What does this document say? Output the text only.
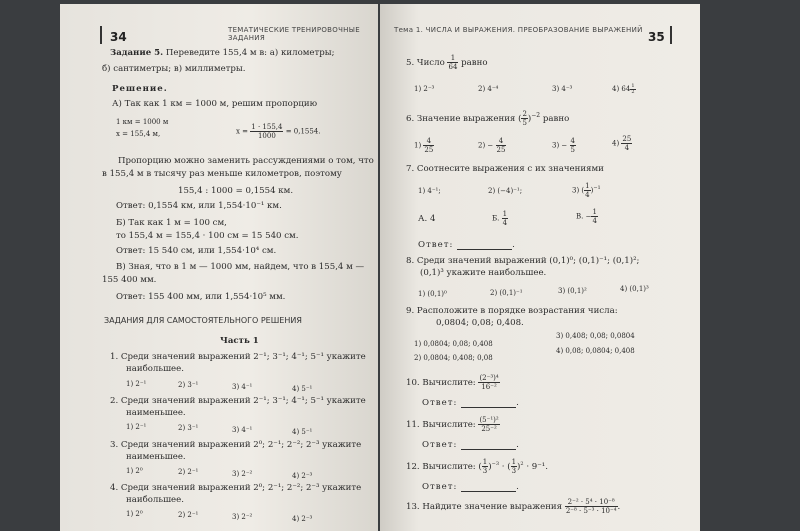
34	ТЕМАТИЧЕСКИЕ ТРЕНИРОВОЧНЫЕ ЗАДАНИЯ
Задание 5. Переведите 155,4 м в: а) километры;
б) сантиметры; в) миллиметры.
Решение.
А) Так как 1 км = 1000 м, решим пропорцию
1 км = 1000 м
x = 155,4 м,	$x = \frac{1 \cdot 155,4}{1000} = 0,1554$.
Пропорцию можно заменить рассуждениями о том, что
в 155,4 м в тысячу раз меньше километров, поэтому
155,4 : 1000 = 0,1554 км.
Ответ: 0,1554 км, или 1,554·10⁻¹ км.
Б) Так как 1 м = 100 см,
то 155,4 м = 155,4 · 100 см = 15 540 см.
Ответ: 15 540 см, или 1,554·10⁴ см.
В) Зная, что в 1 м — 1000 мм, найдем, что в 155,4 м —
155 400 мм.
Ответ: 155 400 мм, или 1,554·10⁵ мм.
ЗАДАНИЯ ДЛЯ САМОСТОЯТЕЛЬНОГО РЕШЕНИЯ
Часть 1
1. Среди значений выражений 2⁻¹; 3⁻¹; 4⁻¹; 5⁻¹ укажите
наибольшее.
1) 2⁻¹	2) 3⁻¹	3) 4⁻¹	4) 5⁻¹
2. Среди значений выражений 2⁻¹; 3⁻¹; 4⁻¹; 5⁻¹ укажите
наименьшее.
1) 2⁻¹	2) 3⁻¹	3) 4⁻¹	4) 5⁻¹
3. Среди значений выражений 2⁰; 2⁻¹; 2⁻²; 2⁻³ укажите
наименьшее.
1) 2⁰	2) 2⁻¹	3) 2⁻²	4) 2⁻³
4. Среди значений выражений 2⁰; 2⁻¹; 2⁻²; 2⁻³ укажите
наибольшее.
1) 2⁰	2) 2⁻¹	3) 2⁻²	4) 2⁻³
Тема 1. ЧИСЛА И ВЫРАЖЕНИЯ. ПРЕОБРАЗОВАНИЕ ВЫРАЖЕНИЙ 35
5. Число $\frac{1}{64}$ равно
1) 2⁻³	2) 4⁻⁴	3) 4⁻³	4) $64 \frac{1}{2}$
6. Значение выражения ( $\frac{2}{5} )^{-2}$ равно
$1) \frac{4}{25}$	$2) - \frac{4}{25}$	$3) - \frac{4}{5}$	$4) \frac{25}{4}$
7. Соотнесите выражения с их значениями
1) 4⁻¹;	2) (−4)⁻¹;	3) ( $\frac{1}{4} )^{-1}$
А. 4	Б. $\frac{1}{4}$	В. − $\frac{1}{4}$
Ответ:	.
8. Среди значений выражений (0,1)⁰; (0,1)⁻¹; (0,1)²;
(0,1)³ укажите наибольшее.
1) (0,1)⁰	2) (0,1)⁻¹	3) (0,1)²	4) (0,1)³
9. Расположите в порядке возрастания числа:
0,0804; 0,08; 0,408.
1) 0,0804; 0,08; 0,408
2) 0,0804; 0,408; 0,08
3) 0,408; 0,08; 0,0804
4) 0,08; 0,0804; 0,408
10. Вычислите: $\frac{\text{(2⁻³)⁴}}{\text{16⁻²}}$
Ответ:	.
11. Вычислите: $\frac{\text{(5⁻¹)²}}{\text{25⁻²}}$
Ответ:	.
12. Вычислите: ( $\frac{1}{3} )^{-3}$ · ( $\frac{1}{3} )^2 \cdot 9^{-1}$.
Ответ:	.
13. Найдите значение выражения $\frac{\text{2⁻² · 5⁴ · 10⁻⁸}}{\text{2⁻⁸ · 5⁻³ · 10⁻⁴}}$ .
